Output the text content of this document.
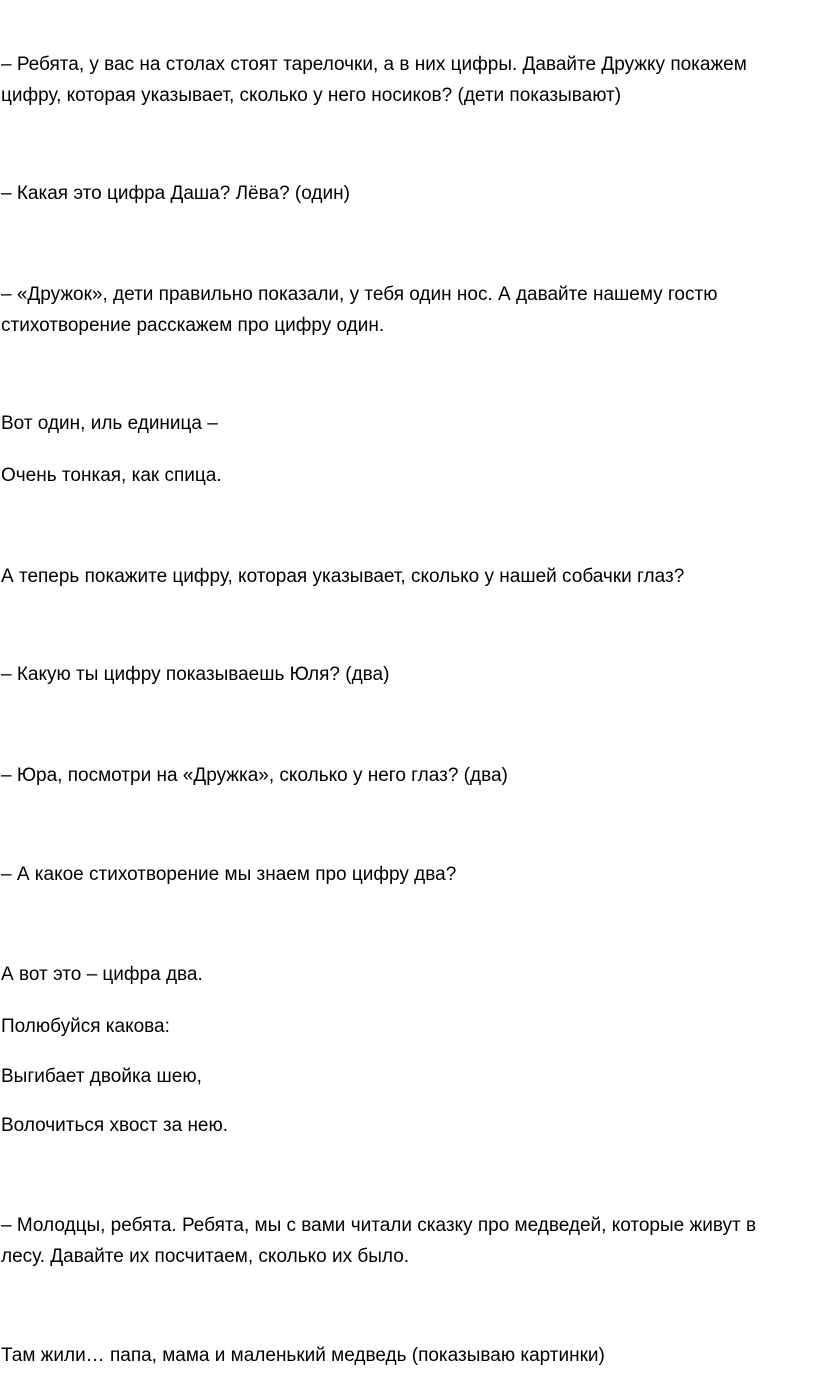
– Ребята, у вас на столах стоят тарелочки, а в них цифры. Давайте Дружку покажем
цифру, которая указывает, сколько у него носиков? (дети показывают)
– Какая это цифра Даша? Лёва? (один)
– «Дружок», дети правильно показали, у тебя один нос. А давайте нашему гостю
стихотворение расскажем про цифру один.
Вот один, иль единица –
Очень тонкая, как спица.
А теперь покажите цифру, которая указывает, сколько у нашей собачки глаз?
– Какую ты цифру показываешь Юля? (два)
– Юра, посмотри на «Дружка», сколько у него глаз? (два)
– А какое стихотворение мы знаем про цифру два?
А вот это – цифра два.
Полюбуйся какова:
Выгибает двойка шею,
Волочиться хвост за нею.
– Молодцы, ребята. Ребята, мы с вами читали сказку про медведей, которые живут в
лесу. Давайте их посчитаем, сколько их было.
Там жили… папа, мама и маленький медведь (показываю картинки)
